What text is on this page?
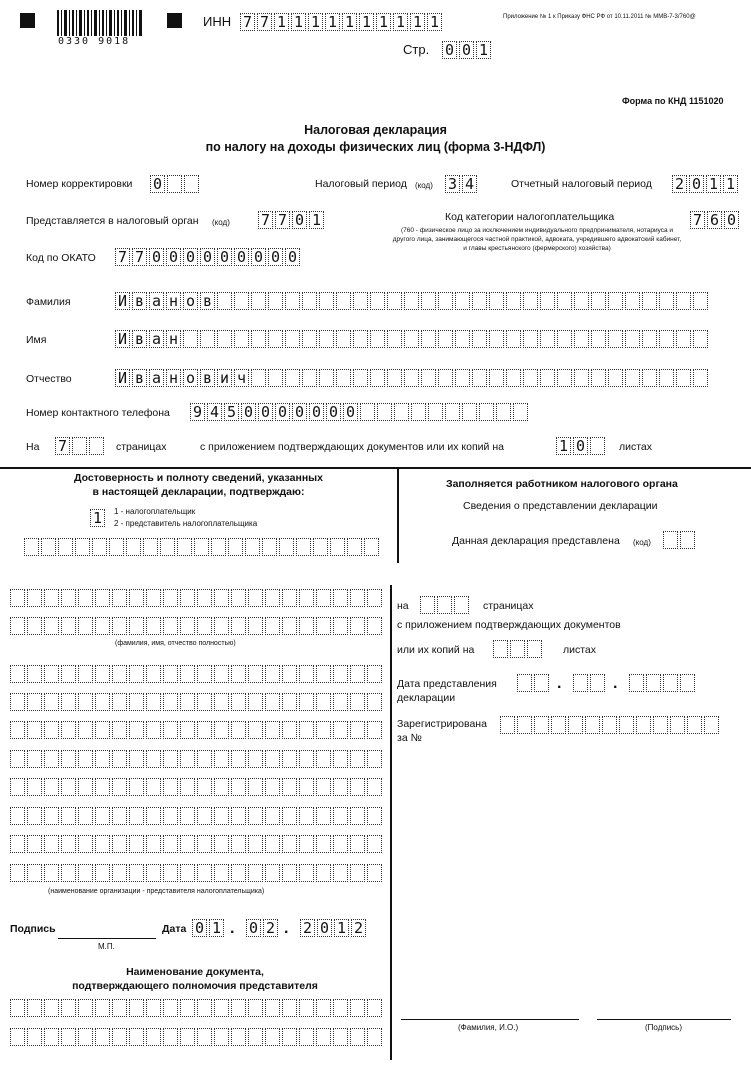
0330 9018
ИНН 7 7 1 1 1 1 1 1 1 1 1 1
Стр. 0 0 1
Приложение № 1 к Приказу ФНС РФ от 10.11.2011 № ММВ-7-3/760@
Форма по КНД 1151020
Налоговая декларация
по налогу на доходы физических лиц (форма 3-НДФЛ)
Номер корректировки 0	Налоговый период (код) 3 4	Отчетный налоговый период 2 0 1 1
Представляется в налоговый орган (код) 7 7 0 1	Код категории налогоплательщика
(760 - физическое лицо за исключением индивидуального предпринимателя, нотариуса и другого лица, занимающегося частной практикой, адвоката, учредившего адвокатский кабинет, и главы крестьянского (фермерского) хозяйства)
7 6 0
Код по ОКАТО 7 7 0 0 0 0 0 0 0 0 0
Фамилия	И в а н о в
Имя	И в а н
Отчество	И в а н о в и ч
Номер контактного телефона 9 4 5 0 0 0 0 0 0 0
На 7	страницах	с приложением подтверждающих документов или их копий на	1 0	листах
Достоверность и полноту сведений, указанных
в настоящей декларации, подтверждаю:
1	1 - налогоплательщик
2 - представитель налогоплательщика
Заполняется работником налогового органа
Сведения о представлении декларации
Данная декларация представлена (код)
(фамилия, имя, отчество полностью)
(наименование организации - представителя налогоплательщика)
Подпись
М.П.
Дата 0 1 . 0 2 . 2 0 1 2
Наименование документа,
подтверждающего полномочия представителя
на	страницах
с приложением подтверждающих документов
или их копий на	листах
Дата представления
декларации
.	.
Зарегистрирована
за №
(Фамилия, И.О.)	(Подпись)
